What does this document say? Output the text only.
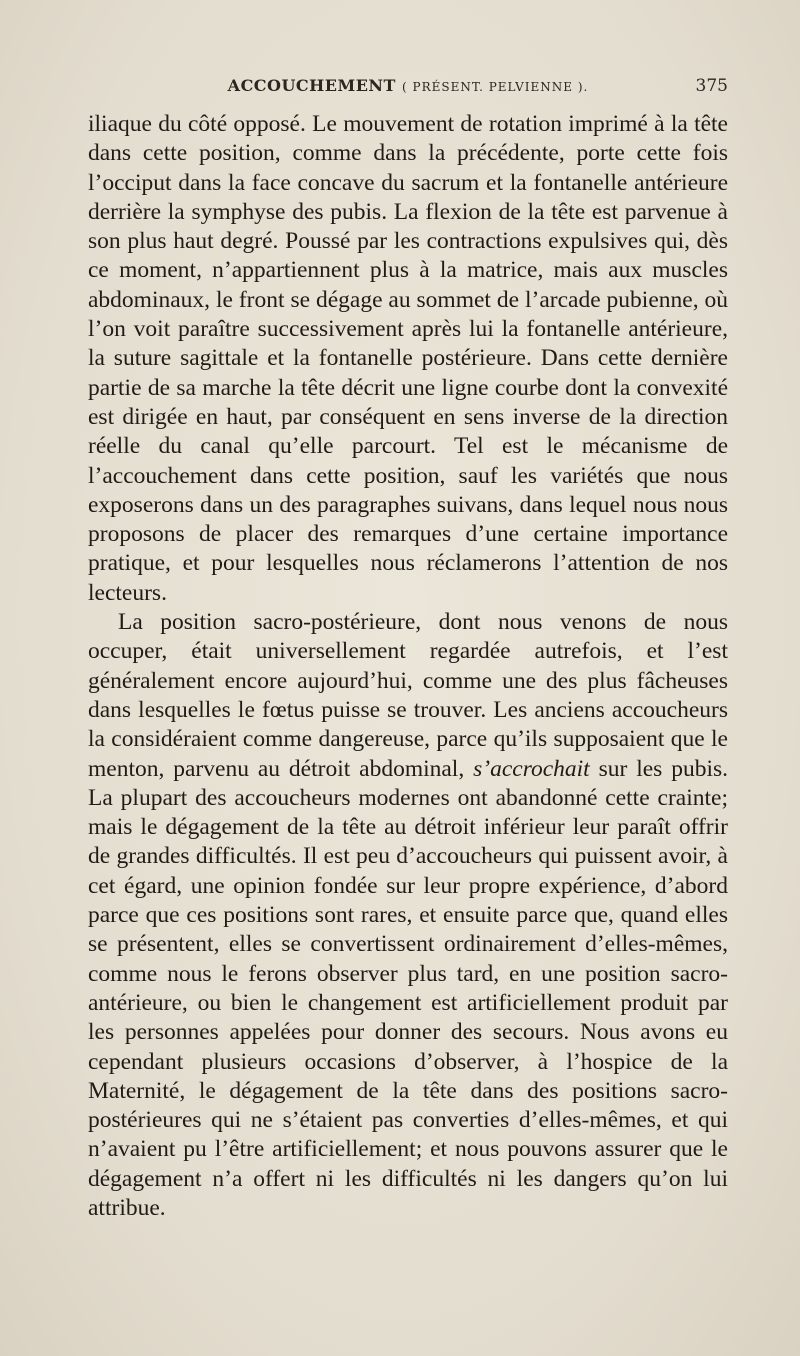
ACCOUCHEMENT ( PRÉSENT. PELVIENNE ).	375

iliaque du côté opposé. Le mouvement de rotation imprimé à la tête dans cette position, comme dans la précédente, porte cette fois l’occiput dans la face concave du sacrum et la fontanelle antérieure derrière la symphyse des pubis. La flexion de la tête est parvenue à son plus haut degré. Poussé par les contractions expulsives qui, dès ce moment, n’appartiennent plus à la matrice, mais aux muscles abdominaux, le front se dégage au sommet de l’arcade pubienne, où l’on voit paraître successivement après lui la fontanelle antérieure, la suture sagittale et la fontanelle postérieure. Dans cette dernière partie de sa marche la tête décrit une ligne courbe dont la convexité est dirigée en haut, par conséquent en sens inverse de la direction réelle du canal qu’elle parcourt. Tel est le mécanisme de l’accouchement dans cette position, sauf les variétés que nous exposerons dans un des paragraphes suivans, dans lequel nous nous proposons de placer des remarques d’une certaine importance pratique, et pour lesquelles nous réclamerons l’attention de nos lecteurs.

La position sacro-postérieure, dont nous venons de nous occuper, était universellement regardée autrefois, et l’est généralement encore aujourd’hui, comme une des plus fâcheuses dans lesquelles le fœtus puisse se trouver. Les anciens accoucheurs la considéraient comme dangereuse, parce qu’ils supposaient que le menton, parvenu au détroit abdominal, s’accrochait sur les pubis. La plupart des accoucheurs modernes ont abandonné cette crainte; mais le dégagement de la tête au détroit inférieur leur paraît offrir de grandes difficultés. Il est peu d’accoucheurs qui puissent avoir, à cet égard, une opinion fondée sur leur propre expérience, d’abord parce que ces positions sont rares, et ensuite parce que, quand elles se présentent, elles se convertissent ordinairement d’elles-mêmes, comme nous le ferons observer plus tard, en une position sacro-antérieure, ou bien le changement est artificiellement produit par les personnes appelées pour donner des secours. Nous avons eu cependant plusieurs occasions d’observer, à l’hospice de la Maternité, le dégagement de la tête dans des positions sacro-postérieures qui ne s’étaient pas converties d’elles-mêmes, et qui n’avaient pu l’être artificiellement; et nous pouvons assurer que le dégagement n’a offert ni les difficultés ni les dangers qu’on lui attribue.
